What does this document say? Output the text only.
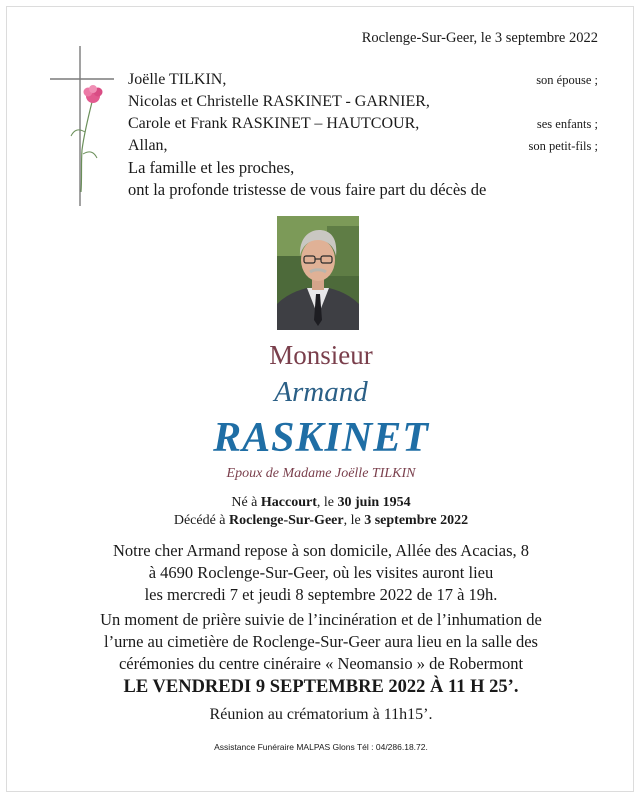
Roclenge-Sur-Geer, le 3 septembre 2022
Joëlle TILKIN,	son épouse ;
Nicolas et Christelle RASKINET - GARNIER,
Carole et Frank RASKINET – HAUTCOUR,	ses enfants ;
Allan,	son petit-fils ;
La famille et les proches,
ont la profonde tristesse de vous faire part du décès de
Monsieur
Armand
RASKINET
Epoux de Madame Joëlle TILKIN
Né à Haccourt, le 30 juin 1954
Décédé à Roclenge-Sur-Geer, le 3 septembre 2022
Notre cher Armand repose à son domicile, Allée des Acacias, 8
à 4690 Roclenge-Sur-Geer, où les visites auront lieu
les mercredi 7 et jeudi 8 septembre 2022 de 17 à 19h.
Un moment de prière suivie de l’incinération et de l’inhumation de
l’urne au cimetière de Roclenge-Sur-Geer aura lieu en la salle des
cérémonies du centre cinéraire « Neomansio » de Robermont
LE VENDREDI 9 SEPTEMBRE 2022 À 11 H 25’.
Réunion au crématorium à 11h15’.
Assistance Funéraire MALPAS Glons Tél : 04/286.18.72.
